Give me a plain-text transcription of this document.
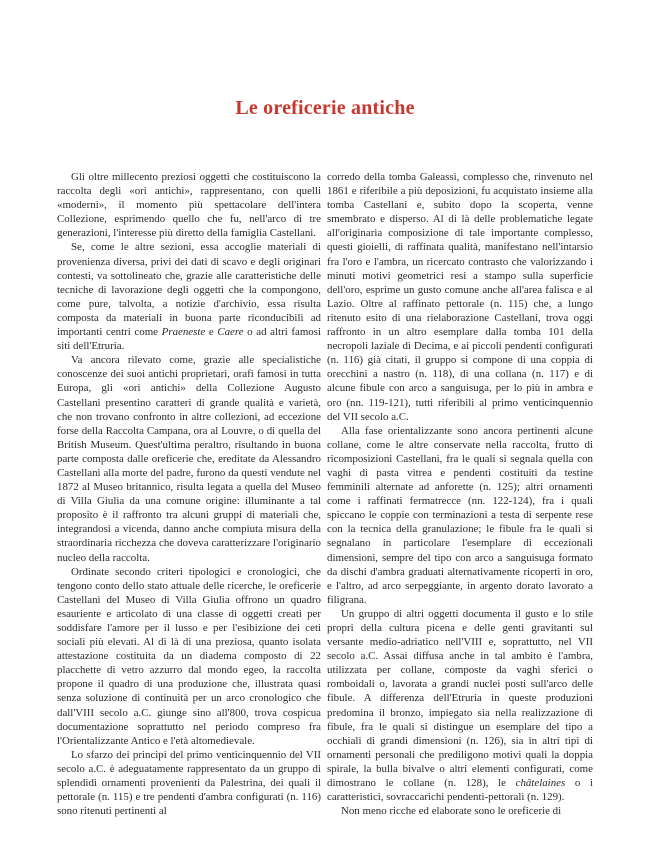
Le oreficerie antiche

Gli oltre millecento preziosi oggetti che costituiscono la raccolta degli «ori antichi», rappresentano, con quelli «moderni», il momento più spettacolare dell'intera Collezione, esprimendo quello che fu, nell'arco di tre generazioni, l'interesse più diretto della famiglia Castellani.

Se, come le altre sezioni, essa accoglie materiali di provenienza diversa, privi dei dati di scavo e degli originari contesti, va sottolineato che, grazie alle caratteristiche delle tecniche di lavorazione degli oggetti che la compongono, come pure, talvolta, a notizie d'archivio, essa risulta composta da materiali in buona parte riconducibili ad importanti centri come Praeneste e Caere o ad altri famosi siti dell'Etruria.

Va ancora rilevato come, grazie alle specialistiche conoscenze dei suoi antichi proprietari, orafi famosi in tutta Europa, gli «ori antichi» della Collezione Augusto Castellani presentino caratteri di grande qualità e varietà, che non trovano confronto in altre collezioni, ad eccezione forse della Raccolta Campana, ora al Louvre, o di quella del British Museum. Quest'ultima peraltro, risultando in buona parte composta dalle oreficerie che, ereditate da Alessandro Castellani alla morte del padre, furono da questi vendute nel 1872 al Museo britannico, risulta legata a quella del Museo di Villa Giulia da una comune origine: illuminante a tal proposito è il raffronto tra alcuni gruppi di materiali che, integrandosi a vicenda, danno anche compiuta misura della straordinaria ricchezza che doveva caratterizzare l'originario nucleo della raccolta.

Ordinate secondo criteri tipologici e cronologici, che tengono conto dello stato attuale delle ricerche, le oreficerie Castellani del Museo di Villa Giulia offrono un quadro esauriente e articolato di una classe di oggetti creati per soddisfare l'amore per il lusso e per l'esibizione dei ceti sociali più elevati. Al di là di una preziosa, quanto isolata attestazione costituita da un diadema composto di 22 placchette di vetro azzurro dal mondo egeo, la raccolta propone il quadro di una produzione che, illustrata quasi senza soluzione di continuità per un arco cronologico che dall'VIII secolo a.C. giunge sino all'800, trova cospicua documentazione soprattutto nel periodo compreso fra l'Orientalizzante Antico e l'età altomedievale.

Lo sfarzo dei principi del primo venticinquennio del VII secolo a.C. è adeguatamente rappresentato da un gruppo di splendidi ornamenti provenienti da Palestrina, dei quali il pettorale (n. 115) e tre pendenti d'ambra configurati (n. 116) sono ritenuti pertinenti al

corredo della tomba Galeassi, complesso che, rinvenuto nel 1861 e riferibile a più deposizioni, fu acquistato insieme alla tomba Castellani e, subito dopo la scoperta, venne smembrato e disperso. Al di là delle problematiche legate all'originaria composizione di tale importante complesso, questi gioielli, di raffinata qualità, manifestano nell'intarsio fra l'oro e l'ambra, un ricercato contrasto che valorizzando i minuti motivi geometrici resi a stampo sulla superficie dell'oro, esprime un gusto comune anche all'area falisca e al Lazio. Oltre al raffinato pettorale (n. 115) che, a lungo ritenuto esito di una rielaborazione Castellani, trova oggi raffronto in un altro esemplare dalla tomba 101 della necropoli laziale di Decima, e ai piccoli pendenti configurati (n. 116) già citati, il gruppo si compone di una coppia di orecchini a nastro (n. 118), di una collana (n. 117) e di alcune fibule con arco a sanguisuga, per lo più in ambra e oro (nn. 119-121), tutti riferibili al primo venticinquennio del VII secolo a.C.

Alla fase orientalizzante sono ancora pertinenti alcune collane, come le altre conservate nella raccolta, frutto di ricomposizioni Castellani, fra le quali si segnala quella con vaghi di pasta vitrea e pendenti costituiti da testine femminili alternate ad anforette (n. 125); altri ornamenti come i raffinati fermatrecce (nn. 122-124), fra i quali spiccano le coppie con terminazioni a testa di serpente rese con la tecnica della granulazione; le fibule fra le quali si segnalano in particolare l'esemplare di eccezionali dimensioni, sempre del tipo con arco a sanguisuga formato da dischi d'ambra graduati alternativamente ricoperti in oro, e l'altro, ad arco serpeggiante, in argento dorato lavorato a filigrana.

Un gruppo di altri oggetti documenta il gusto e lo stile propri della cultura picena e delle genti gravitanti sul versante medio-adriatico nell'VIII e, soprattutto, nel VII secolo a.C. Assai diffusa anche in tal ambito è l'ambra, utilizzata per collane, composte da vaghi sferici o romboidali o, lavorata a grandi nuclei posti sull'arco delle fibule. A differenza dell'Etruria in queste produzioni predomina il bronzo, impiegato sia nella realizzazione di fibule, fra le quali si distingue un esemplare del tipo a occhiali di grandi dimensioni (n. 126), sia in altri tipi di ornamenti personali che prediligono motivi quali la doppia spirale, la bulla bivalve o altri elementi configurati, come dimostrano le collane (n. 128), le châtelaines o i caratteristici, sovraccarichi pendenti-pettorali (n. 129).

Non meno ricche ed elaborate sono le oreficerie di
